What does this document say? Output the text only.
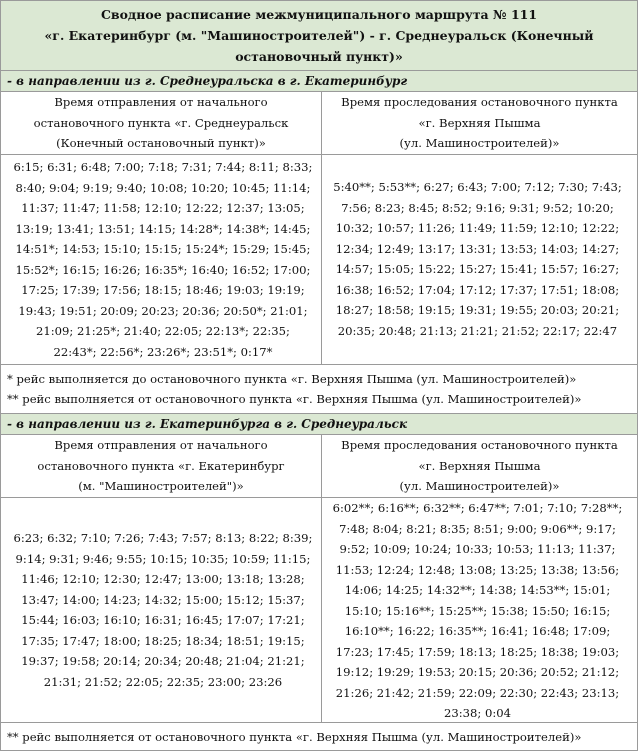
Сводное расписание межмуниципального маршрута № 111
«г. Екатеринбург (м. "Машиностроителей") - г. Среднеуральск (Конечный
остановочный пункт)»
- в направлении из г. Среднеуральска в г. Екатеринбург
Время отправления от начального
остановочного пункта «г. Среднеуральск
(Конечный остановочный пункт)»
Время проследования остановочного пункта
«г. Верхняя Пышма
(ул. Машиностроителей)»
6:15; 6:31; 6:48; 7:00; 7:18; 7:31; 7:44; 8:11; 8:33;
8:40; 9:04; 9:19; 9:40; 10:08; 10:20; 10:45; 11:14;
11:37; 11:47; 11:58; 12:10; 12:22; 12:37; 13:05;
13:19; 13:41; 13:51; 14:15; 14:28*; 14:38*; 14:45;
14:51*; 14:53; 15:10; 15:15; 15:24*; 15:29; 15:45;
15:52*; 16:15; 16:26; 16:35*; 16:40; 16:52; 17:00;
17:25; 17:39; 17:56; 18:15; 18:46; 19:03; 19:19;
19:43; 19:51; 20:09; 20:23; 20:36; 20:50*; 21:01;
21:09; 21:25*; 21:40; 22:05; 22:13*; 22:35;
22:43*; 22:56*; 23:26*; 23:51*; 0:17*
5:40**; 5:53**; 6:27; 6:43; 7:00; 7:12; 7:30; 7:43;
7:56; 8:23; 8:45; 8:52; 9:16; 9:31; 9:52; 10:20;
10:32; 10:57; 11:26; 11:49; 11:59; 12:10; 12:22;
12:34; 12:49; 13:17; 13:31; 13:53; 14:03; 14:27;
14:57; 15:05; 15:22; 15:27; 15:41; 15:57; 16:27;
16:38; 16:52; 17:04; 17:12; 17:37; 17:51; 18:08;
18:27; 18:58; 19:15; 19:31; 19:55; 20:03; 20:21;
20:35; 20:48; 21:13; 21:21; 21:52; 22:17; 22:47
* рейс выполняется до остановочного пункта «г. Верхняя Пышма (ул. Машиностроителей)»
** рейс выполняется от остановочного пункта «г. Верхняя Пышма (ул. Машиностроителей)»
- в направлении из г. Екатеринбурга в г. Среднеуральск
Время отправления от начального
остановочного пункта «г. Екатеринбург
(м. "Машиностроителей")»
Время проследования остановочного пункта
«г. Верхняя Пышма
(ул. Машиностроителей)»
6:23; 6:32; 7:10; 7:26; 7:43; 7:57; 8:13; 8:22; 8:39;
9:14; 9:31; 9:46; 9:55; 10:15; 10:35; 10:59; 11:15;
11:46; 12:10; 12:30; 12:47; 13:00; 13:18; 13:28;
13:47; 14:00; 14:23; 14:32; 15:00; 15:12; 15:37;
15:44; 16:03; 16:10; 16:31; 16:45; 17:07; 17:21;
17:35; 17:47; 18:00; 18:25; 18:34; 18:51; 19:15;
19:37; 19:58; 20:14; 20:34; 20:48; 21:04; 21:21;
21:31; 21:52; 22:05; 22:35; 23:00; 23:26
6:02**; 6:16**; 6:32**; 6:47**; 7:01; 7:10; 7:28**;
7:48; 8:04; 8:21; 8:35; 8:51; 9:00; 9:06**; 9:17;
9:52; 10:09; 10:24; 10:33; 10:53; 11:13; 11:37;
11:53; 12:24; 12:48; 13:08; 13:25; 13:38; 13:56;
14:06; 14:25; 14:32**; 14:38; 14:53**; 15:01;
15:10; 15:16**; 15:25**; 15:38; 15:50; 16:15;
16:10**; 16:22; 16:35**; 16:41; 16:48; 17:09;
17:23; 17:45; 17:59; 18:13; 18:25; 18:38; 19:03;
19:12; 19:29; 19:53; 20:15; 20:36; 20:52; 21:12;
21:26; 21:42; 21:59; 22:09; 22:30; 22:43; 23:13;
23:38; 0:04
** рейс выполняется от остановочного пункта «г. Верхняя Пышма (ул. Машиностроителей)»
